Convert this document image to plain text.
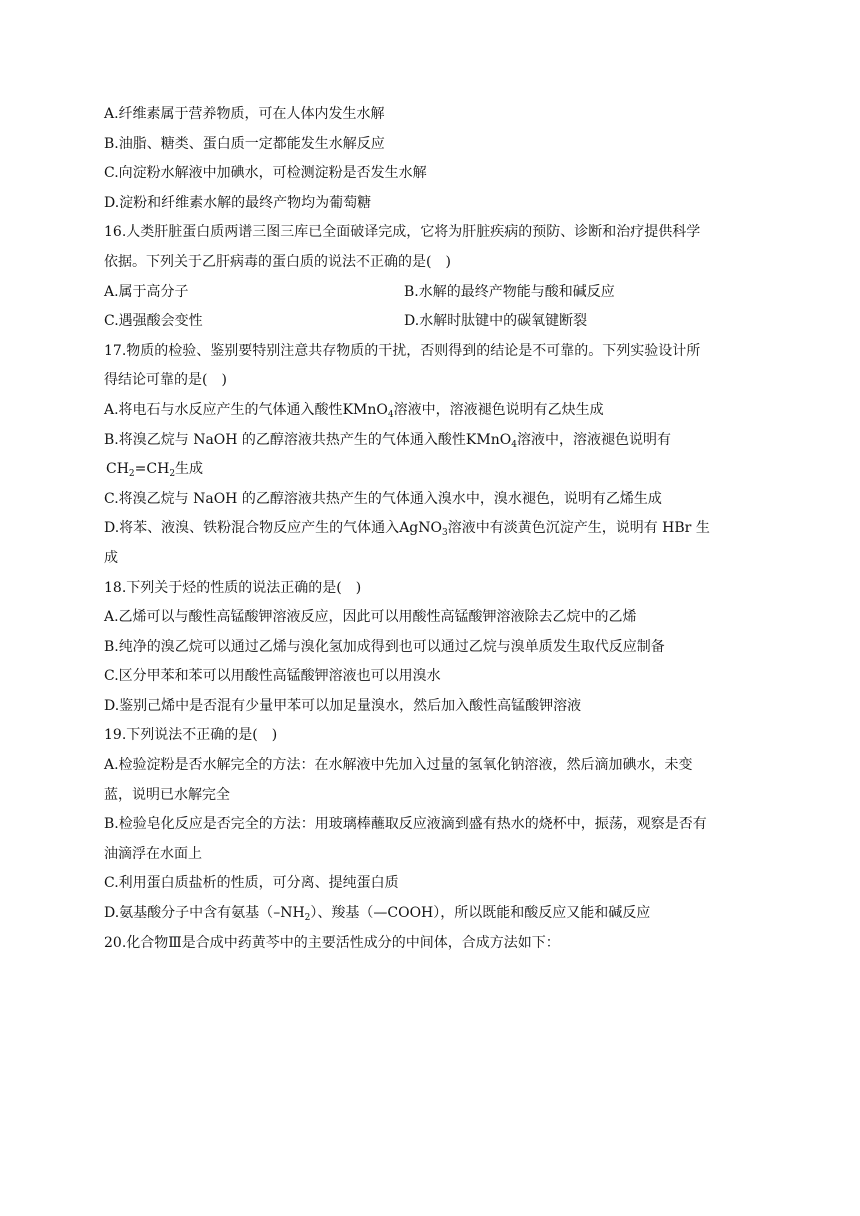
A.纤维素属于营养物质，可在人体内发生水解
B.油脂、糖类、蛋白质一定都能发生水解反应
C.向淀粉水解液中加碘水，可检测淀粉是否发生水解
D.淀粉和纤维素水解的最终产物均为葡萄糖
16.人类肝脏蛋白质两谱三图三库已全面破译完成，它将为肝脏疾病的预防、诊断和治疗提供科学
依据。下列关于乙肝病毒的蛋白质的说法不正确的是(　)
A.属于高分子	B.水解的最终产物能与酸和碱反应
C.遇强酸会变性	D.水解时肽键中的碳氧键断裂
17.物质的检验、鉴别要特别注意共存物质的干扰，否则得到的结论是不可靠的。下列实验设计所
得结论可靠的是(　)
A.将电石与水反应产生的气体通入酸性KMnO$_4$溶液中，溶液褪色说明有乙炔生成
B.将溴乙烷与 NaOH 的乙醇溶液共热产生的气体通入酸性KMnO$_4$溶液中，溶液褪色说明有
$CH_2=CH_2$生成
C.将溴乙烷与 NaOH 的乙醇溶液共热产生的气体通入溴水中，溴水褪色，说明有乙烯生成
D.将苯、液溴、铁粉混合物反应产生的气体通入AgNO$_3$溶液中有淡黄色沉淀产生，说明有 HBr 生
成
18.下列关于烃的性质的说法正确的是(　)
A.乙烯可以与酸性高锰酸钾溶液反应，因此可以用酸性高锰酸钾溶液除去乙烷中的乙烯
B.纯净的溴乙烷可以通过乙烯与溴化氢加成得到也可以通过乙烷与溴单质发生取代反应制备
C.区分甲苯和苯可以用酸性高锰酸钾溶液也可以用溴水
D.鉴别己烯中是否混有少量甲苯可以加足量溴水，然后加入酸性高锰酸钾溶液
19.下列说法不正确的是(　)
A.检验淀粉是否水解完全的方法：在水解液中先加入过量的氢氧化钠溶液，然后滴加碘水，未变
蓝，说明已水解完全
B.检验皂化反应是否完全的方法：用玻璃棒蘸取反应液滴到盛有热水的烧杯中，振荡，观察是否有
油滴浮在水面上
C.利用蛋白质盐析的性质，可分离、提纯蛋白质
D.氨基酸分子中含有氨基$(-NH_2)$、羧基（—COOH），所以既能和酸反应又能和碱反应
20.化合物Ⅲ是合成中药黄芩中的主要活性成分的中间体，合成方法如下：
